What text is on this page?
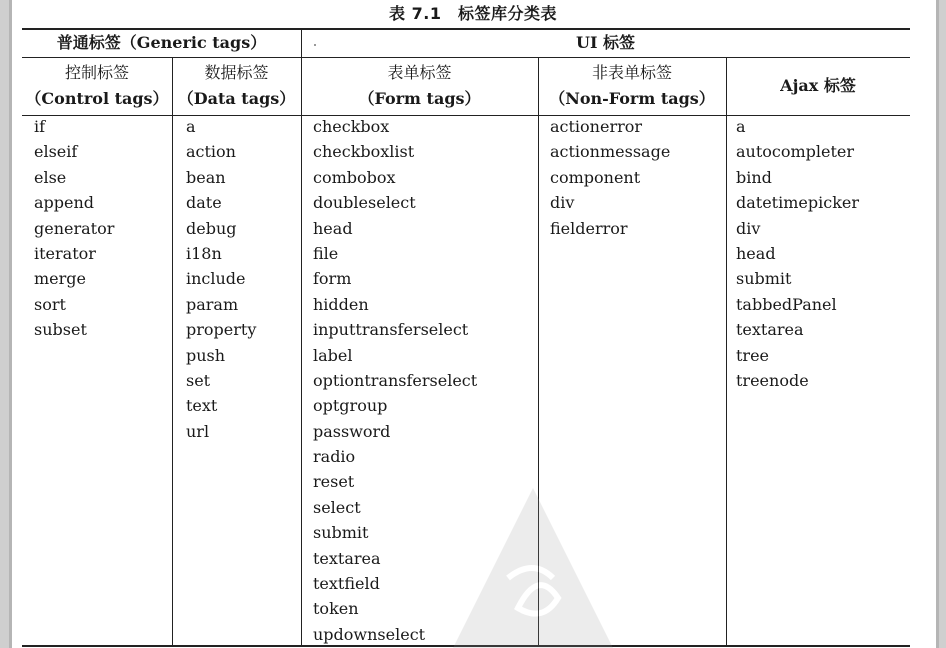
表 7.1　标签库分类表
普通标签（Generic tags）	UI 标签
控制标签
（Control tags）
数据标签
（Data tags）
表单标签
（Form tags）
非表单标签
（Non-Form tags）
Ajax 标签
if
elseif
else
append
generator
iterator
merge
sort
subset
a
action
bean
date
debug
i18n
include
param
property
push
set
text
url
checkbox
checkboxlist
combobox
doubleselect
head
file
form
hidden
inputtransferselect
label
optiontransferselect
optgroup
password
radio
reset
select
submit
textarea
textfield
token
updownselect
actionerror
actionmessage
component
div
fielderror
a
autocompleter
bind
datetimepicker
div
head
submit
tabbedPanel
textarea
tree
treenode
